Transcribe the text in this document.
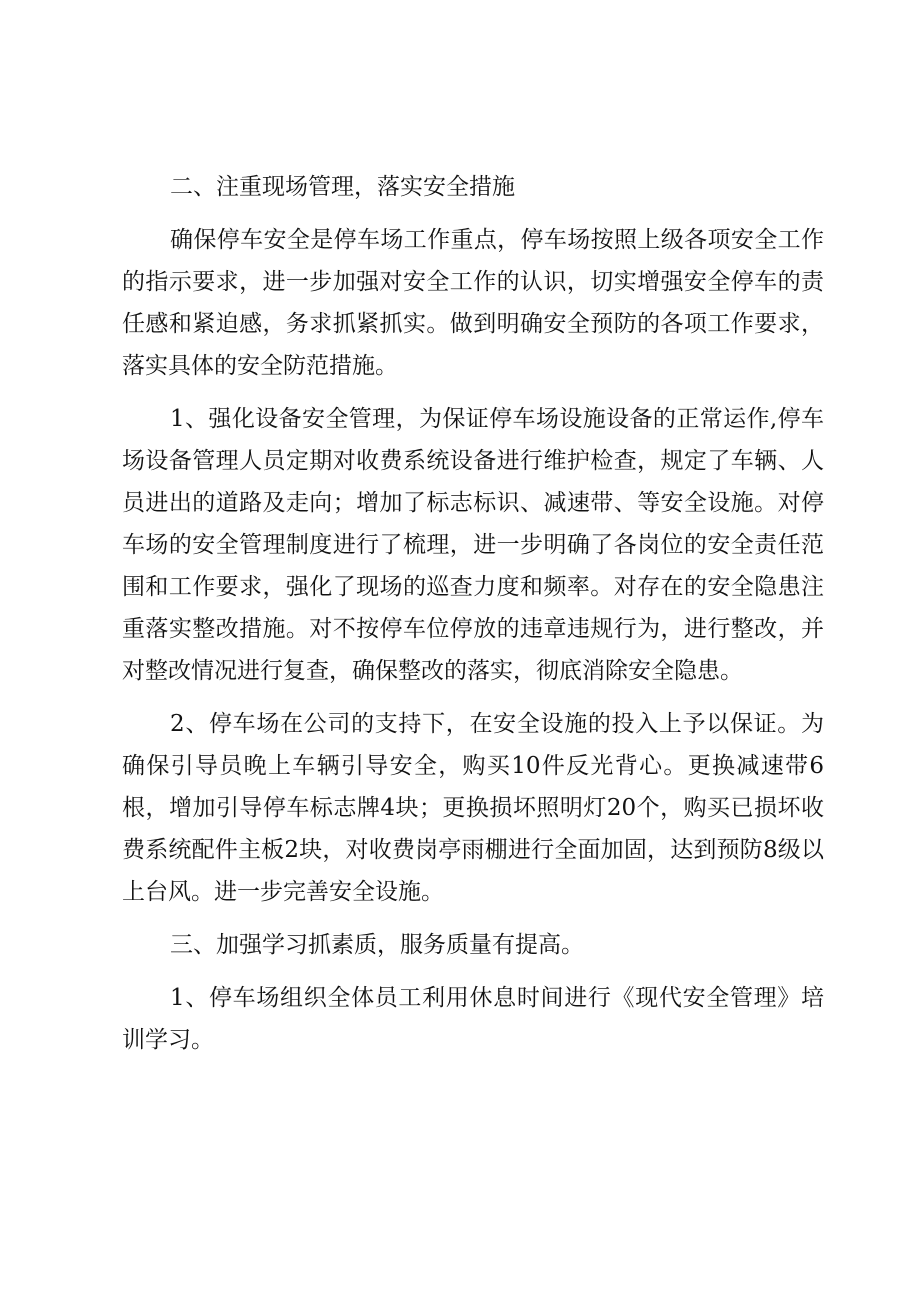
二、注重现场管理，落实安全措施

确保停车安全是停车场工作重点，停车场按照上级各项安全工作的指示要求，进一步加强对安全工作的认识，切实增强安全停车的责任感和紧迫感，务求抓紧抓实。做到明确安全预防的各项工作要求，落实具体的安全防范措施。

1、强化设备安全管理，为保证停车场设施设备的正常运作,停车场设备管理人员定期对收费系统设备进行维护检查，规定了车辆、人员进出的道路及走向；增加了标志标识、减速带、等安全设施。对停车场的安全管理制度进行了梳理，进一步明确了各岗位的安全责任范围和工作要求，强化了现场的巡查力度和频率。对存在的安全隐患注重落实整改措施。对不按停车位停放的违章违规行为，进行整改，并对整改情况进行复查，确保整改的落实，彻底消除安全隐患。

2、停车场在公司的支持下，在安全设施的投入上予以保证。为确保引导员晚上车辆引导安全，购买10件反光背心。更换减速带6根，增加引导停车标志牌4块；更换损坏照明灯20个，购买已损坏收费系统配件主板2块，对收费岗亭雨棚进行全面加固，达到预防8级以上台风。进一步完善安全设施。

三、加强学习抓素质，服务质量有提高。

1、停车场组织全体员工利用休息时间进行《现代安全管理》培训学习。
